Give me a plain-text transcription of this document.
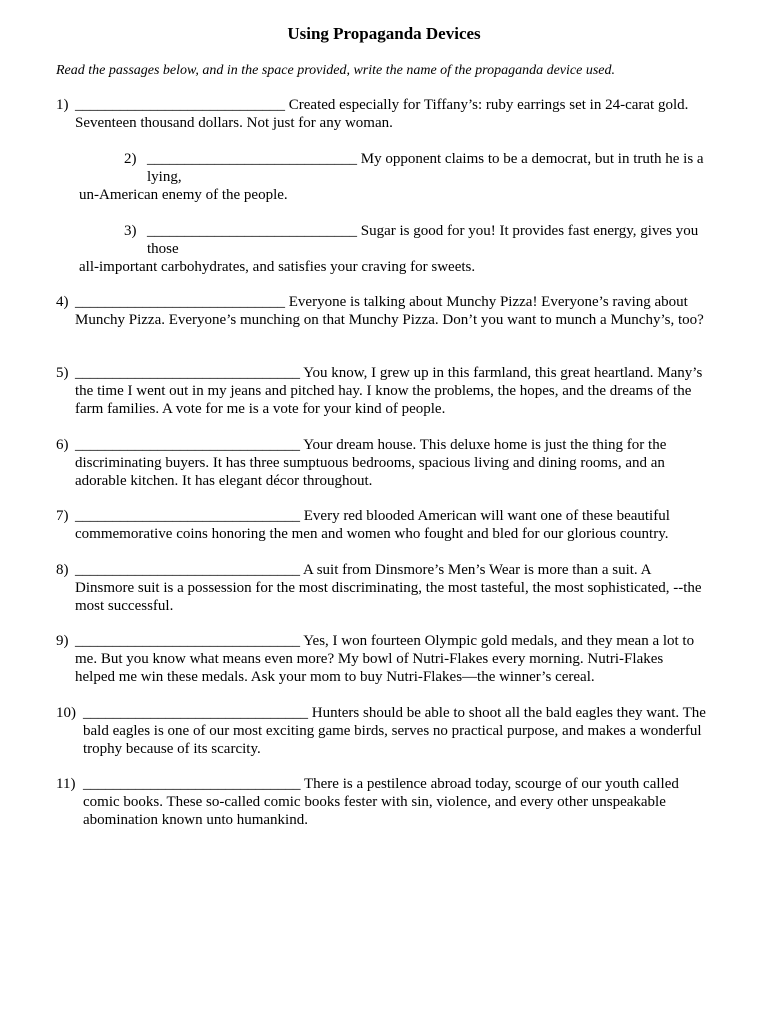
Using Propaganda Devices
Read the passages below, and in the space provided, write the name of the propaganda device used.
1) ____________________________ Created especially for Tiffany’s: ruby earrings set in 24-carat gold. Seventeen thousand dollars. Not just for any woman.
2) ____________________________ My opponent claims to be a democrat, but in truth he is a lying,
un-American enemy of the people.
3) ____________________________ Sugar is good for you! It provides fast energy, gives you those
all-important carbohydrates, and satisfies your craving for sweets.
4) ____________________________ Everyone is talking about Munchy Pizza! Everyone’s raving about Munchy Pizza. Everyone’s munching on that Munchy Pizza. Don’t you want to munch a Munchy’s, too?
5) ______________________________ You know, I grew up in this farmland, this great heartland. Many’s the time I went out in my jeans and pitched hay. I know the problems, the hopes, and the dreams of the farm families. A vote for me is a vote for your kind of people.
6) ______________________________ Your dream house. This deluxe home is just the thing for the discriminating buyers. It has three sumptuous bedrooms, spacious living and dining rooms, and an adorable kitchen. It has elegant décor throughout.
7) ______________________________ Every red blooded American will want one of these beautiful commemorative coins honoring the men and women who fought and bled for our glorious country.
8) ______________________________ A suit from Dinsmore’s Men’s Wear is more than a suit. A Dinsmore suit is a possession for the most discriminating, the most tasteful, the most sophisticated, --the most successful.
9) ______________________________ Yes, I won fourteen Olympic gold medals, and they mean a lot to me. But you know what means even more? My bowl of Nutri-Flakes every morning. Nutri-Flakes helped me win these medals. Ask your mom to buy Nutri-Flakes—the winner’s cereal.
10) ______________________________ Hunters should be able to shoot all the bald eagles they want. The bald eagles is one of our most exciting game birds, serves no practical purpose, and makes a wonderful trophy because of its scarcity.
11) _____________________________ There is a pestilence abroad today, scourge of our youth called comic books. These so-called comic books fester with sin, violence, and every other unspeakable abomination known unto humankind.
